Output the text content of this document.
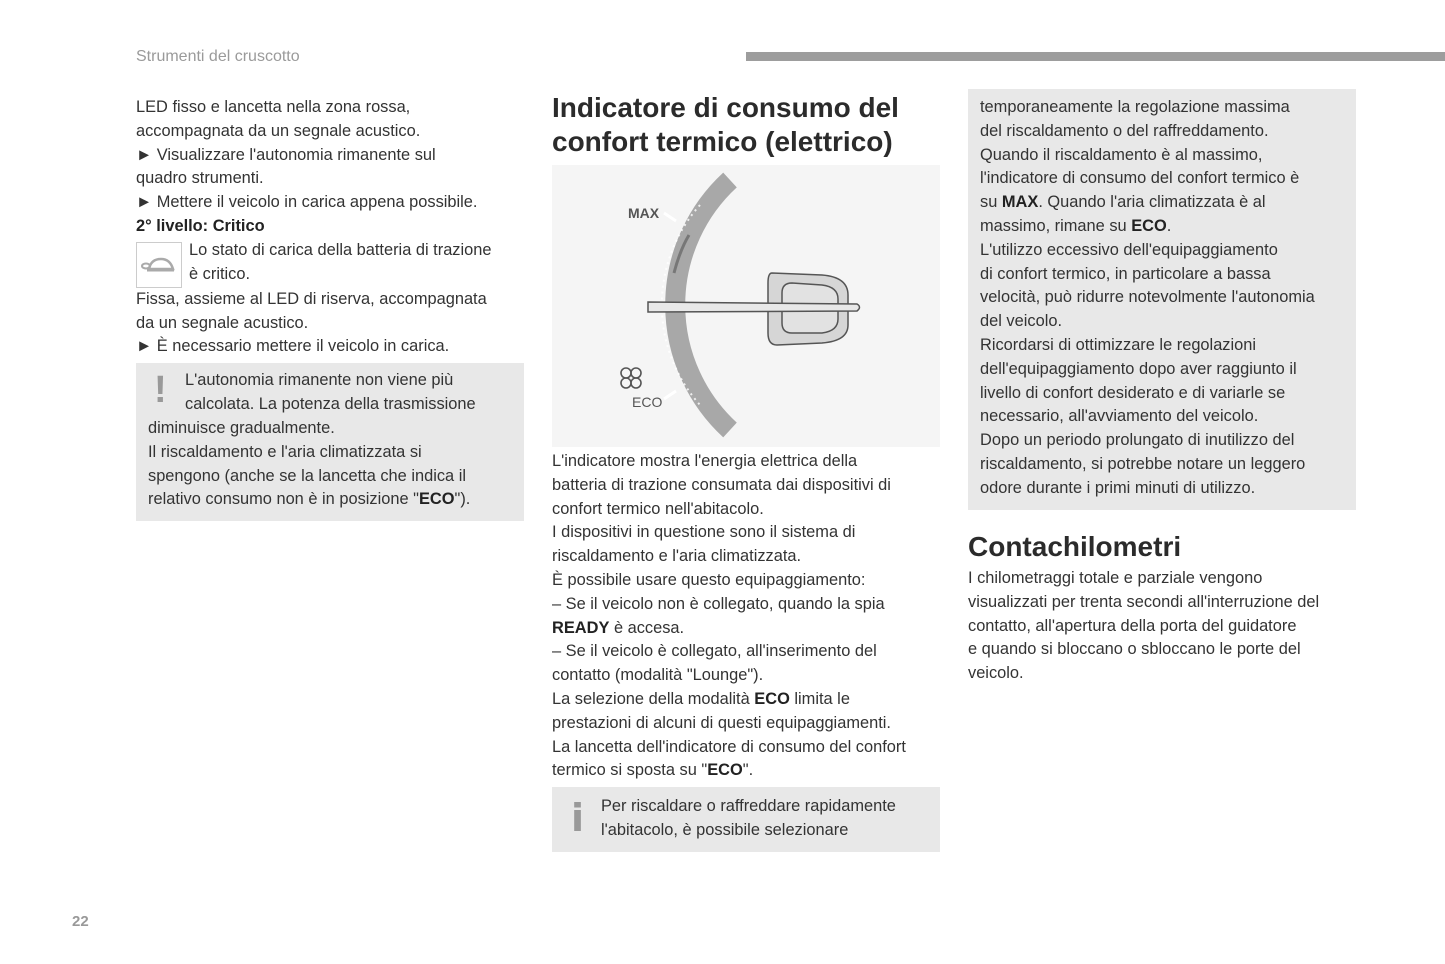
Strumenti del cruscotto
22

LED fisso e lancetta nella zona rossa,
accompagnata da un segnale acustico.

► Visualizzare l'autonomia rimanente sul
quadro strumenti.

► Mettere il veicolo in carica appena possibile.

2° livello: Critico

Lo stato di carica della batteria di trazione
è critico.

Fissa, assieme al LED di riserva, accompagnata
da un segnale acustico.

► È necessario mettere il veicolo in carica.

! L'autonomia rimanente non viene più
calcolata. La potenza della trasmissione

diminuisce gradualmente.
Il riscaldamento e l'aria climatizzata si
spengono (anche se la lancetta che indica il
relativo consumo non è in posizione "ECO").

Indicatore di consumo del
confort termico (elettrico)
MAX
ECO

L'indicatore mostra l'energia elettrica della
batteria di trazione consumata dai dispositivi di
confort termico nell'abitacolo.
I dispositivi in questione sono il sistema di
riscaldamento e l'aria climatizzata.
È possibile usare questo equipaggiamento:
– Se il veicolo non è collegato, quando la spia
READY è accesa.
– Se il veicolo è collegato, all'inserimento del
contatto (modalità "Lounge").
La selezione della modalità ECO limita le
prestazioni di alcuni di questi equipaggiamenti.
La lancetta dell'indicatore di consumo del confort
termico si sposta su "ECO".

i Per riscaldare o raffreddare rapidamente
l'abitacolo, è possibile selezionare

temporaneamente la regolazione massima
del riscaldamento o del raffreddamento.
Quando il riscaldamento è al massimo,
l'indicatore di consumo del confort termico è
su MAX. Quando l'aria climatizzata è al
massimo, rimane su ECO.
L'utilizzo eccessivo dell'equipaggiamento
di confort termico, in particolare a bassa
velocità, può ridurre notevolmente l'autonomia
del veicolo.
Ricordarsi di ottimizzare le regolazioni
dell'equipaggiamento dopo aver raggiunto il
livello di confort desiderato e di variarle se
necessario, all'avviamento del veicolo.
Dopo un periodo prolungato di inutilizzo del
riscaldamento, si potrebbe notare un leggero
odore durante i primi minuti di utilizzo.

Contachilometri

I chilometraggi totale e parziale vengono
visualizzati per trenta secondi all'interruzione del
contatto, all'apertura della porta del guidatore
e quando si bloccano o sbloccano le porte del
veicolo.
